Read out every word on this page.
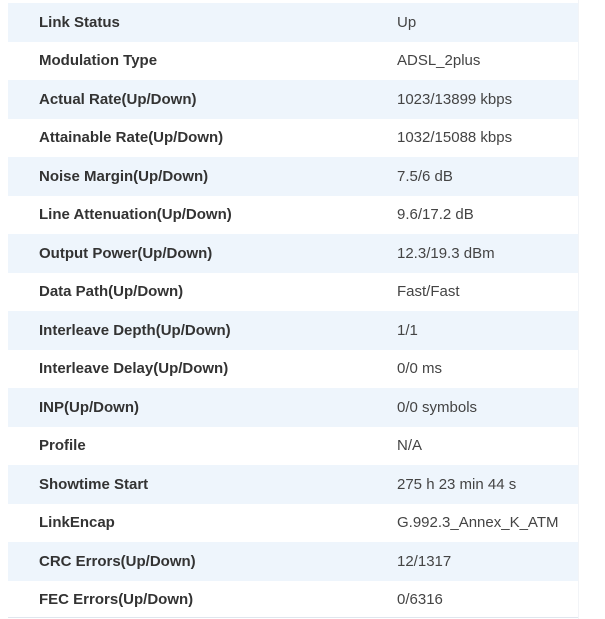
Link Status	Up
Modulation Type	ADSL_2plus
Actual Rate(Up/Down)	1023/13899 kbps
Attainable Rate(Up/Down)	1032/15088 kbps
Noise Margin(Up/Down)	7.5/6 dB
Line Attenuation(Up/Down)	9.6/17.2 dB
Output Power(Up/Down)	12.3/19.3 dBm
Data Path(Up/Down)	Fast/Fast
Interleave Depth(Up/Down)	1/1
Interleave Delay(Up/Down)	0/0 ms
INP(Up/Down)	0/0 symbols
Profile	N/A
Showtime Start	275 h 23 min 44 s
LinkEncap	G.992.3_Annex_K_ATM
CRC Errors(Up/Down)	12/1317
FEC Errors(Up/Down)	0/6316
